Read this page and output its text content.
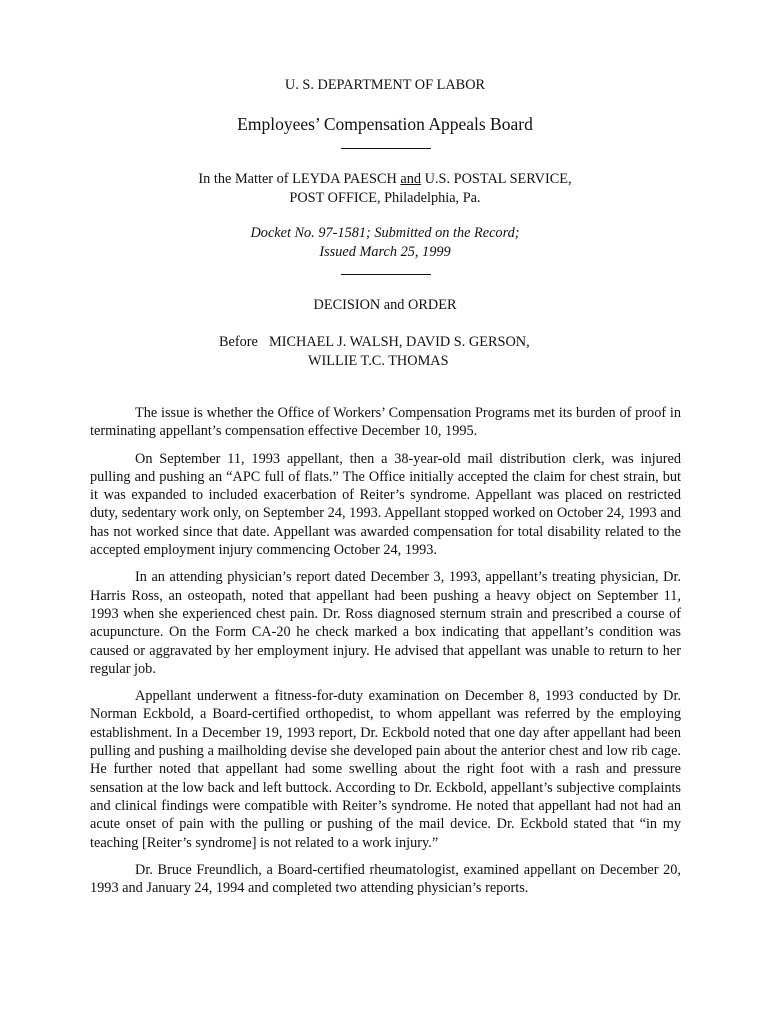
U. S. DEPARTMENT OF LABOR
Employees’ Compensation Appeals Board
In the Matter of LEYDA PAESCH and U.S. POSTAL SERVICE,
POST OFFICE, Philadelphia, Pa.
Docket No. 97-1581; Submitted on the Record;
Issued March 25, 1999
DECISION and ORDER
Before MICHAEL J. WALSH, DAVID S. GERSON,
WILLIE T.C. THOMAS

The issue is whether the Office of Workers’ Compensation Programs met its burden of proof in terminating appellant’s compensation effective December 10, 1995.

On September 11, 1993 appellant, then a 38-year-old mail distribution clerk, was injured pulling and pushing an “APC full of flats.” The Office initially accepted the claim for chest strain, but it was expanded to included exacerbation of Reiter’s syndrome. Appellant was placed on restricted duty, sedentary work only, on September 24, 1993. Appellant stopped worked on October 24, 1993 and has not worked since that date. Appellant was awarded compensation for total disability related to the accepted employment injury commencing October 24, 1993.

In an attending physician’s report dated December 3, 1993, appellant’s treating physician, Dr. Harris Ross, an osteopath, noted that appellant had been pushing a heavy object on September 11, 1993 when she experienced chest pain. Dr. Ross diagnosed sternum strain and prescribed a course of acupuncture. On the Form CA-20 he check marked a box indicating that appellant’s condition was caused or aggravated by her employment injury. He advised that appellant was unable to return to her regular job.

Appellant underwent a fitness-for-duty examination on December 8, 1993 conducted by Dr. Norman Eckbold, a Board-certified orthopedist, to whom appellant was referred by the employing establishment. In a December 19, 1993 report, Dr. Eckbold noted that one day after appellant had been pulling and pushing a mailholding devise she developed pain about the anterior chest and low rib cage. He further noted that appellant had some swelling about the right foot with a rash and pressure sensation at the low back and left buttock. According to Dr. Eckbold, appellant’s subjective complaints and clinical findings were compatible with Reiter’s syndrome. He noted that appellant had not had an acute onset of pain with the pulling or pushing of the mail device. Dr. Eckbold stated that “in my teaching [Reiter’s syndrome] is not related to a work injury.”

Dr. Bruce Freundlich, a Board-certified rheumatologist, examined appellant on December 20, 1993 and January 24, 1994 and completed two attending physician’s reports.
